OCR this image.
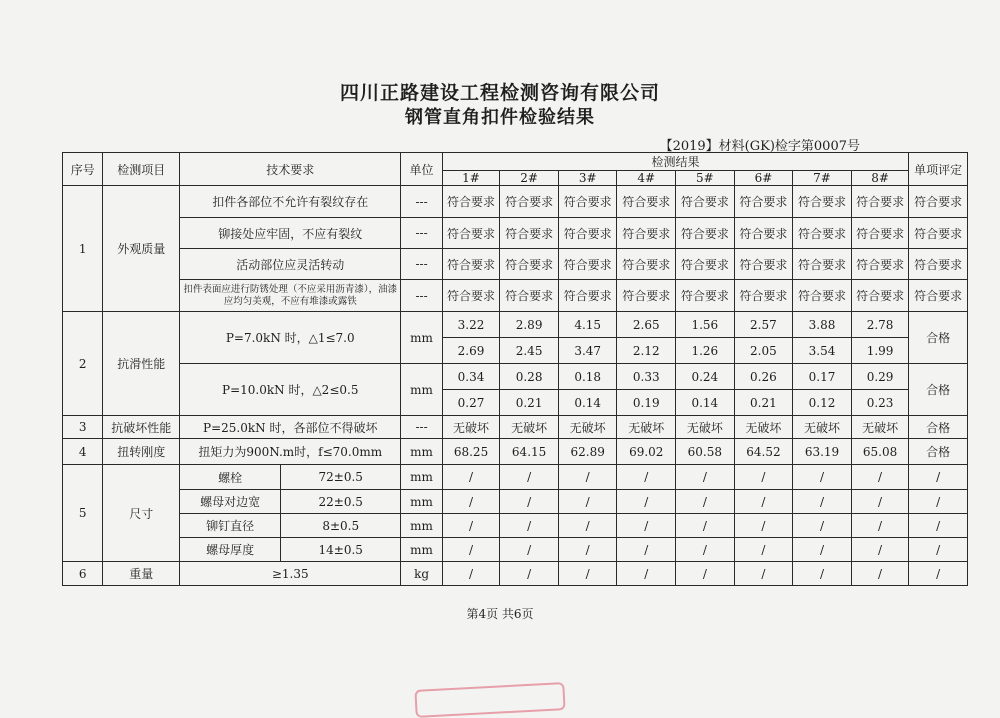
四川正路建设工程检测咨询有限公司
钢管直角扣件检验结果
【2019】材料(GK)检字第0007号
序号	检测项目	技术要求		单位	检测结果								单项评定
					1#	2#	3#	4#	5#	6#	7#	8#	
1	外观质量	扣件各部位不允许有裂纹存在		---	符合要求	符合要求	符合要求	符合要求	符合要求	符合要求	符合要求	符合要求	符合要求
		铆接处应牢固，不应有裂纹		---	符合要求	符合要求	符合要求	符合要求	符合要求	符合要求	符合要求	符合要求	符合要求
		活动部位应灵活转动		---	符合要求	符合要求	符合要求	符合要求	符合要求	符合要求	符合要求	符合要求	符合要求
		扣件表面应进行防锈处理（不应采用沥青漆），油漆应均匀美观，不应有堆漆或露铁		---	符合要求	符合要求	符合要求	符合要求	符合要求	符合要求	符合要求	符合要求	符合要求
2	抗滑性能	P=7.0kN 时，△1≤7.0		mm	3.22	2.89	4.15	2.65	1.56	2.57	3.88	2.78	合格
					2.69	2.45	3.47	2.12	1.26	2.05	3.54	1.99	
		P=10.0kN 时，△2≤0.5		mm	0.34	0.28	0.18	0.33	0.24	0.26	0.17	0.29	合格
					0.27	0.21	0.14	0.19	0.14	0.21	0.12	0.23	
3	抗破坏性能	P=25.0kN 时，各部位不得破坏		---	无破坏	无破坏	无破坏	无破坏	无破坏	无破坏	无破坏	无破坏	合格
4	扭转刚度	扭矩力为900N.m时，f≤70.0mm		mm	68.25	64.15	62.89	69.02	60.58	64.52	63.19	65.08	合格
5	尺寸	螺栓	72±0.5	mm	/	/	/	/	/	/	/	/	/
		螺母对边宽	22±0.5	mm	/	/	/	/	/	/	/	/	/
		铆钉直径	8±0.5	mm	/	/	/	/	/	/	/	/	/
		螺母厚度	14±0.5	mm	/	/	/	/	/	/	/	/	/
6	重量	≥1.35		kg	/	/	/	/	/	/	/	/	/
第4页 共6页
